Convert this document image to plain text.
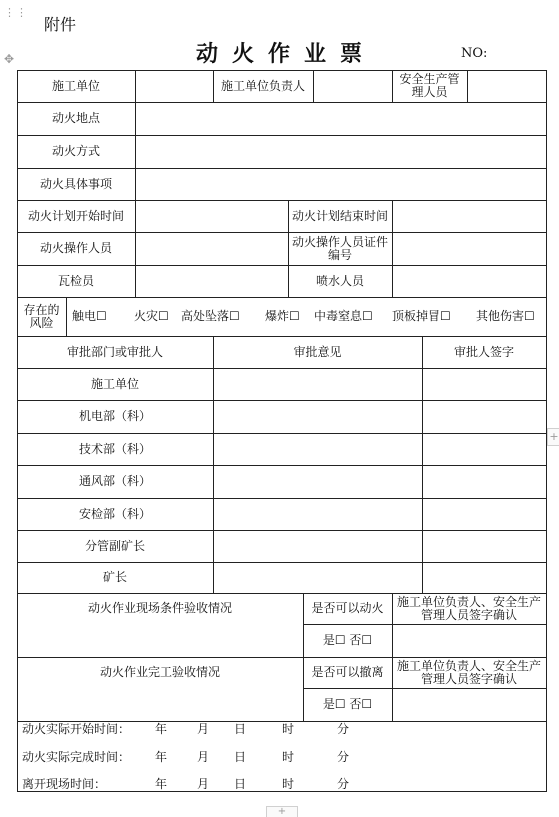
⋮⋮
✥
附件
动火作业票	NO:
+
+
施工单位	施工单位负责人	安全生产管理人员
动火地点
动火方式
动火具体事项
动火计划开始时间	动火计划结束时间
动火操作人员	动火操作人员证件编号
瓦检员	喷水人员
存在的风险	触电☐ 火灾☐ 高处坠落☐ 爆炸☐ 中毒窒息☐ 顶板掉冒☐ 其他伤害☐
审批部门或审批人	审批意见	审批人签字
施工单位
机电部（科）
技术部（科）
通风部（科）
安检部（科）
分管副矿长
矿长
动火作业现场条件验收情况	是否可以动火	施工单位负责人、安全生产管理人员签字确认
是☐ 否☐
动火作业完工验收情况	是否可以撤离	施工单位负责人、安全生产管理人员签字确认
是☐ 否☐
动火实际开始时间： 年 月 日	时	分
动火实际完成时间： 年 月 日	时	分
离开现场时间：	年 月 日	时	分
